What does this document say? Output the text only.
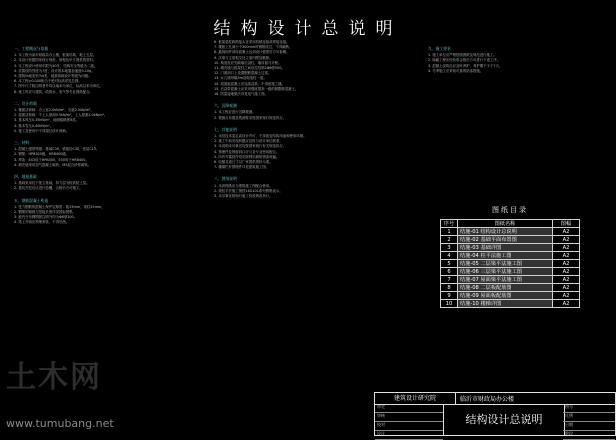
结构设计总说明
一、工程概况与依据
1. 本工程为某市财政局办公楼，框架结构，地上五层。
2. 本设计依据国家现行规范、规程及甲方提供的资料。
3. 本工程设计使用年限为50年，结构安全等级为二级。
4. 抗震设防烈度为7度，设计基本地震加速度0.10g。
5. 建筑场地类别为II类，地基基础设计等级为丙级。
6. 本工程±0.000相当于绝对标高详见总图。
7. 图中尺寸除注明者外均以毫米为单位，标高以米为单位。
8. 施工时应与建筑、给排水、电气等专业图纸配合。
二、设计荷载
1. 楼面活荷载：办公室2.0kN/m²，走廊2.5kN/m²。
2. 屋面活荷载：不上人屋面0.5kN/m²，上人屋面2.0kN/m²。
3. 基本风压0.35kN/m²，地面粗糙度B类。
4. 基本雪压0.40kN/m²。
5. 施工及使用中不得超过设计荷载。
三、材料
1. 混凝土强度等级：基础C30，梁板柱C30，垫层C15。
2. 钢筋：HPB300级，HRB400级。
3. 焊条：E43用于HPB300，E50用于HRB400。
4. 填充墙采用加气混凝土砌块，M5混合砂浆砌筑。
四、地基基础
1. 基础采用柱下独立基础，持力层为粉质粘土层。
2. 基坑开挖后应进行验槽，合格后方可施工。
五、钢筋混凝土构造
1. 受力钢筋的混凝土保护层厚度：板15mm，梁柱25mm。
2. 钢筋的锚固与搭接长度详见国标图集。
3. 板内分布钢筋除注明外均为Φ6@200。
4. 梁上开洞应预埋套管，不得后凿。
6. 框架梁柱纵筋接头宜采用机械连接或焊接连接。
7. 楼板上孔洞小于300mm时钢筋绕过，不得截断。
8. 悬挑构件须待混凝土达到设计强度后方可拆模。
9. 次梁与主梁相交处主梁内附加箍筋。
10. 构造柱应先砌墙后浇柱，墙体留马牙槎。
11. 填充墙与框架柱之间设拉结筋2Φ6@500。
12. 门窗洞口上设置钢筋混凝土过梁。
13. 女儿墙每隔3m设构造柱一道。
14. 屋面板混凝土应连续浇筑，不得留施工缝。
15. 后浇带混凝土应采用强度提高一级的微膨胀混凝土。
16. 防雷接地做法详见电气施工图。
六、沉降观测
1. 本工程应进行沉降观测。
2. 观测点布置及观测要求按国家现行规范执行。
七、其他说明
1. 未经技术鉴定或设计许可，不得改变结构用途和使用环境。
2. 施工中如发现问题应及时与设计单位联系。
3. 本说明未尽事宜均按国家现行有关规范执行。
4. 预埋件及预留洞口应与各专业密切配合。
5. 所有外露铁件均应除锈后刷防锈漆两遍。
6. 电梯井道尺寸以厂家提供资料为准。
7. 楼梯栏杆预埋件详见建筑施工图。
八、图纸说明
1. 本套图纸应与建筑施工图配合使用。
2. 梁柱平法施工图按16G101系列图集表示。
3. 未尽事宜按现行施工验收规范执行。
九、施工要求
1. 施工单位应严格按照图纸及规范进行施工。
2. 隐蔽工程应经验收合格后方可进行下道工序。
3. 混凝土浇筑后应及时养护，养护期不少于7天。
4. 冬季施工应采取可靠的防冻措施。
图纸目录
序号	图纸名称	图幅
1	结施-01 结构设计总说明	A2
2	结施-02 基础平面布置图	A2
3	结施-03 基础详图	A2
4	结施-04 柱平法施工图	A2
5	结施-05 二层梁平法施工图	A2
6	结施-06 三层梁平法施工图	A2
7	结施-07 屋面梁平法施工图	A2
8	结施-08 二层板配筋图	A2
9	结施-09 屋面板配筋图	A2
10	结施-10 楼梯详图	A2
建筑设计研究院	临沂市财政局办公楼
审定
审核
校对
设计
结构设计总说明
图号
比例
日期
阶段
土木网
www.tumubang.net
